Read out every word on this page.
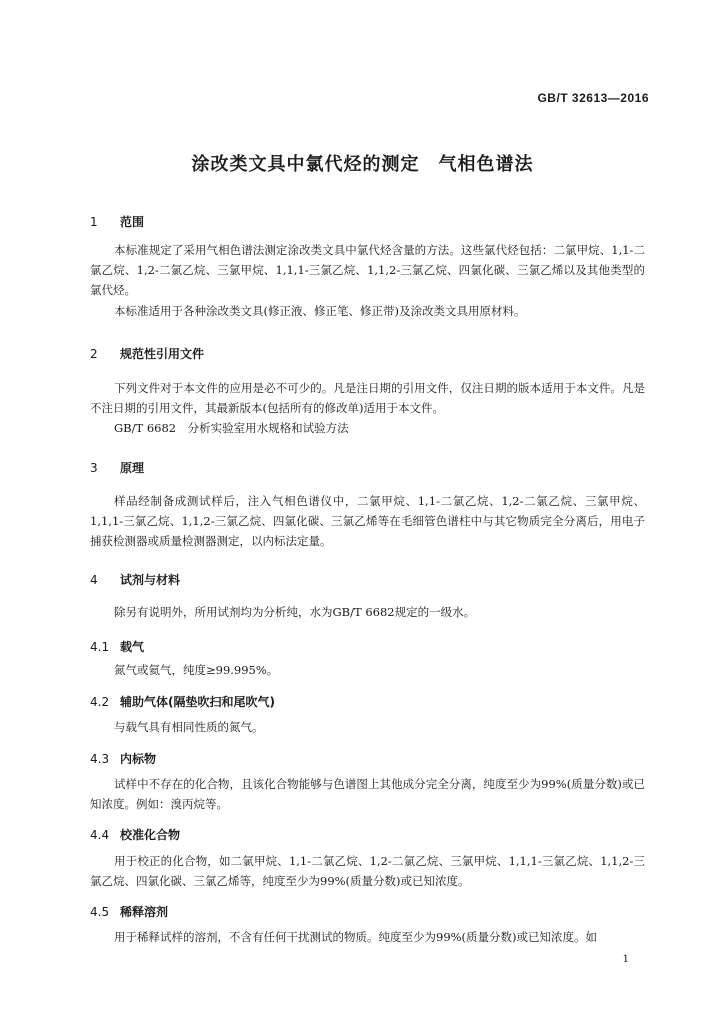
GB/T 32613—2016
涂改类文具中氯代烃的测定　气相色谱法
1 范围
本标准规定了采用气相色谱法测定涂改类文具中氯代烃含量的方法。这些氯代烃包括：二氯甲烷、1,1-二氯乙烷、1,2-二氯乙烷、三氯甲烷、1,1,1-三氯乙烷、1,1,2-三氯乙烷、四氯化碳、三氯乙烯以及其他类型的氯代烃。
本标准适用于各种涂改类文具(修正液、修正笔、修正带)及涂改类文具用原材料。
2 规范性引用文件
下列文件对于本文件的应用是必不可少的。凡是注日期的引用文件，仅注日期的版本适用于本文件。凡是不注日期的引用文件，其最新版本(包括所有的修改单)适用于本文件。
GB/T 6682　分析实验室用水规格和试验方法
3 原理
样品经制备成测试样后，注入气相色谱仪中，二氯甲烷、1,1-二氯乙烷、1,2-二氯乙烷、三氯甲烷、1,1,1-三氯乙烷、1,1,2-三氯乙烷、四氯化碳、三氯乙烯等在毛细管色谱柱中与其它物质完全分离后，用电子捕获检测器或质量检测器测定，以内标法定量。
4 试剂与材料
除另有说明外，所用试剂均为分析纯，水为GB/T 6682规定的一级水。
4.1 载气
氮气或氦气，纯度≥99.995%。
4.2 辅助气体(隔垫吹扫和尾吹气)
与载气具有相同性质的氮气。
4.3 内标物
试样中不存在的化合物，且该化合物能够与色谱图上其他成分完全分离，纯度至少为99%(质量分数)或已知浓度。例如：溴丙烷等。
4.4 校准化合物
用于校正的化合物，如二氯甲烷、1,1-二氯乙烷、1,2-二氯乙烷、三氯甲烷、1,1,1-三氯乙烷、1,1,2-三氯乙烷、四氯化碳、三氯乙烯等，纯度至少为99%(质量分数)或已知浓度。
4.5 稀释溶剂
用于稀释试样的溶剂，不含有任何干扰测试的物质。纯度至少为99%(质量分数)或已知浓度。如
1
